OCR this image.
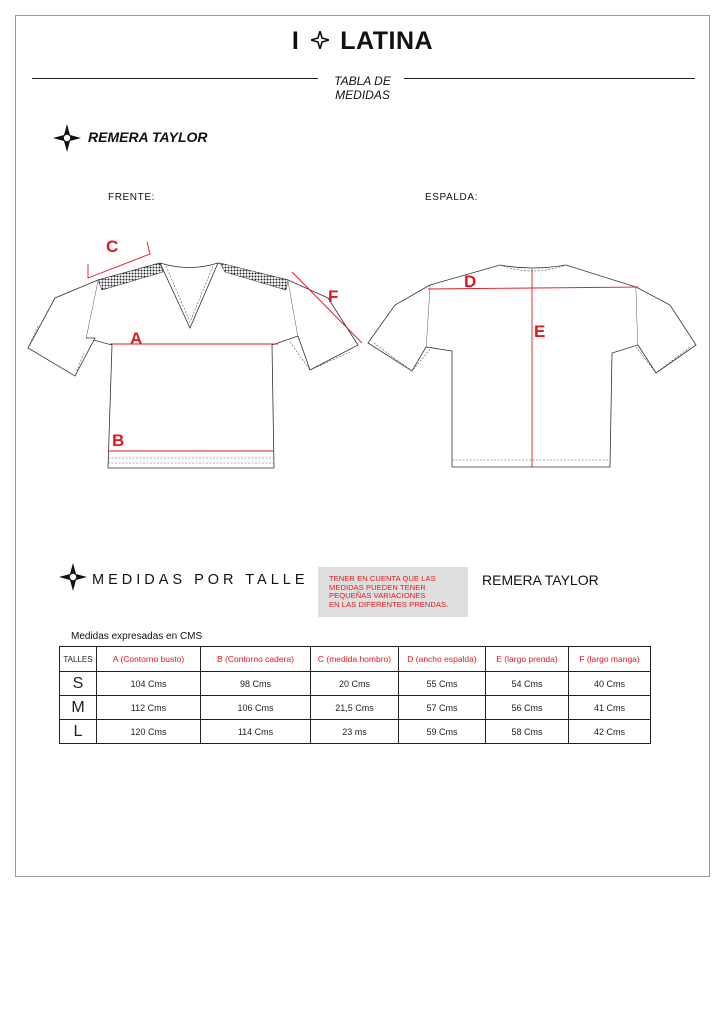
I LATINA
TABLA DE
MEDIDAS
REMERA TAYLOR
FRENTE:	ESPALDA:
C
A
B
F
D
E
MEDIDAS POR TALLE	TENER EN CUENTA QUE LAS
MEDIDAS PUEDEN TENER
PEQUEÑAS VARIACIONES
EN LAS DIFERENTES PRENDAS.
REMERA TAYLOR
Medidas expresadas en CMS
TALLES	A (Contorno busto)	B (Contorno cadera)	C (medida hombro)	D (ancho espalda)	E (largo prenda)	F (largo manga)
S	104 Cms	98 Cms	20 Cms	55 Cms	54 Cms	40 Cms
M	112 Cms	106 Cms	21,5 Cms	57 Cms	56 Cms	41 Cms
L	120 Cms	114 Cms	23 ms	59 Cms	58 Cms	42 Cms
